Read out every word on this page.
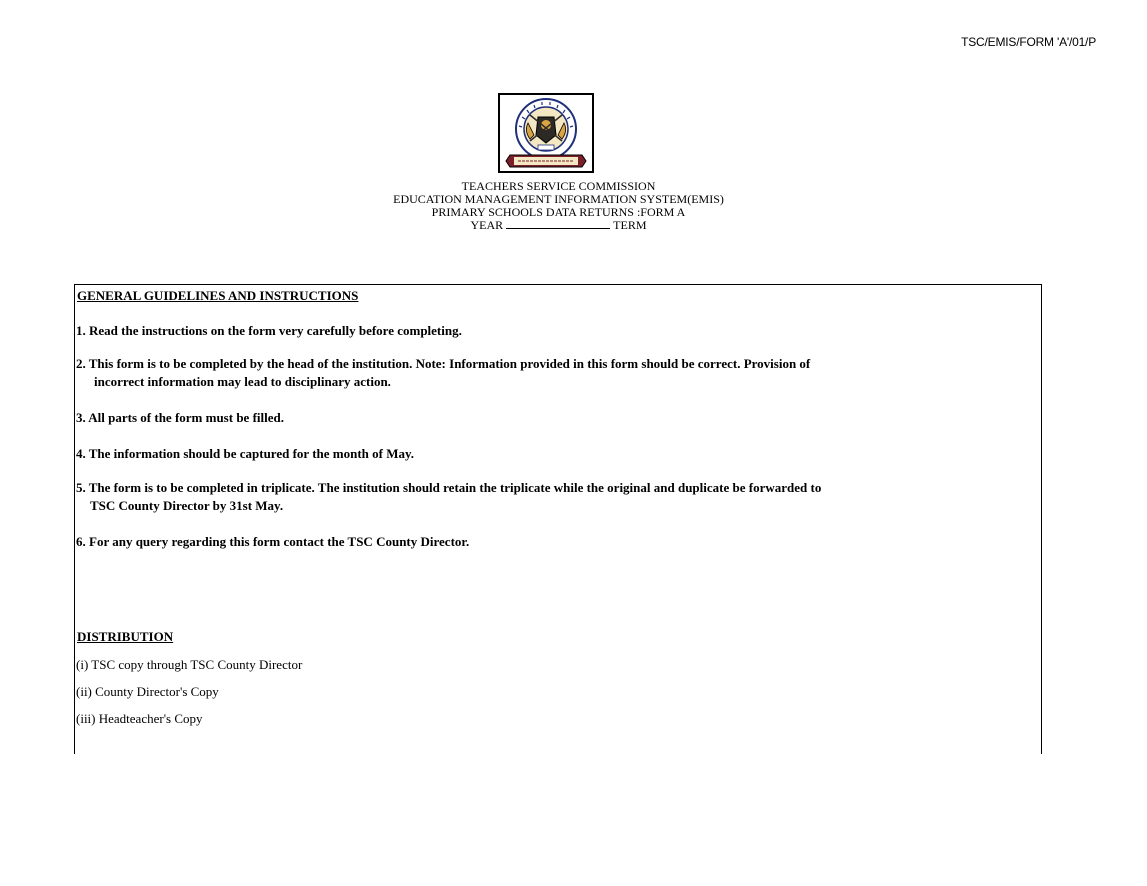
TSC/EMIS/FORM 'A'/01/P
TEACHERS SERVICE COMMISSION
EDUCATION MANAGEMENT INFORMATION SYSTEM(EMIS)
PRIMARY SCHOOLS DATA RETURNS :FORM A
YEAR	TERM
GENERAL GUIDELINES AND INSTRUCTIONS
1. Read the instructions on the form very carefully before completing.
2. This form is to be completed by the head of the institution. Note: Information provided in this form should be correct. Provision of
incorrect information may lead to disciplinary action.
3. All parts of the form must be filled.
4. The information should be captured for the month of May.
5. The form is to be completed in triplicate. The institution should retain the triplicate while the original and duplicate be forwarded to
TSC County Director by 31st May.
6. For any query regarding this form contact the TSC County Director.
DISTRIBUTION
(i) TSC copy through TSC County Director
(ii) County Director's Copy
(iii) Headteacher's Copy
